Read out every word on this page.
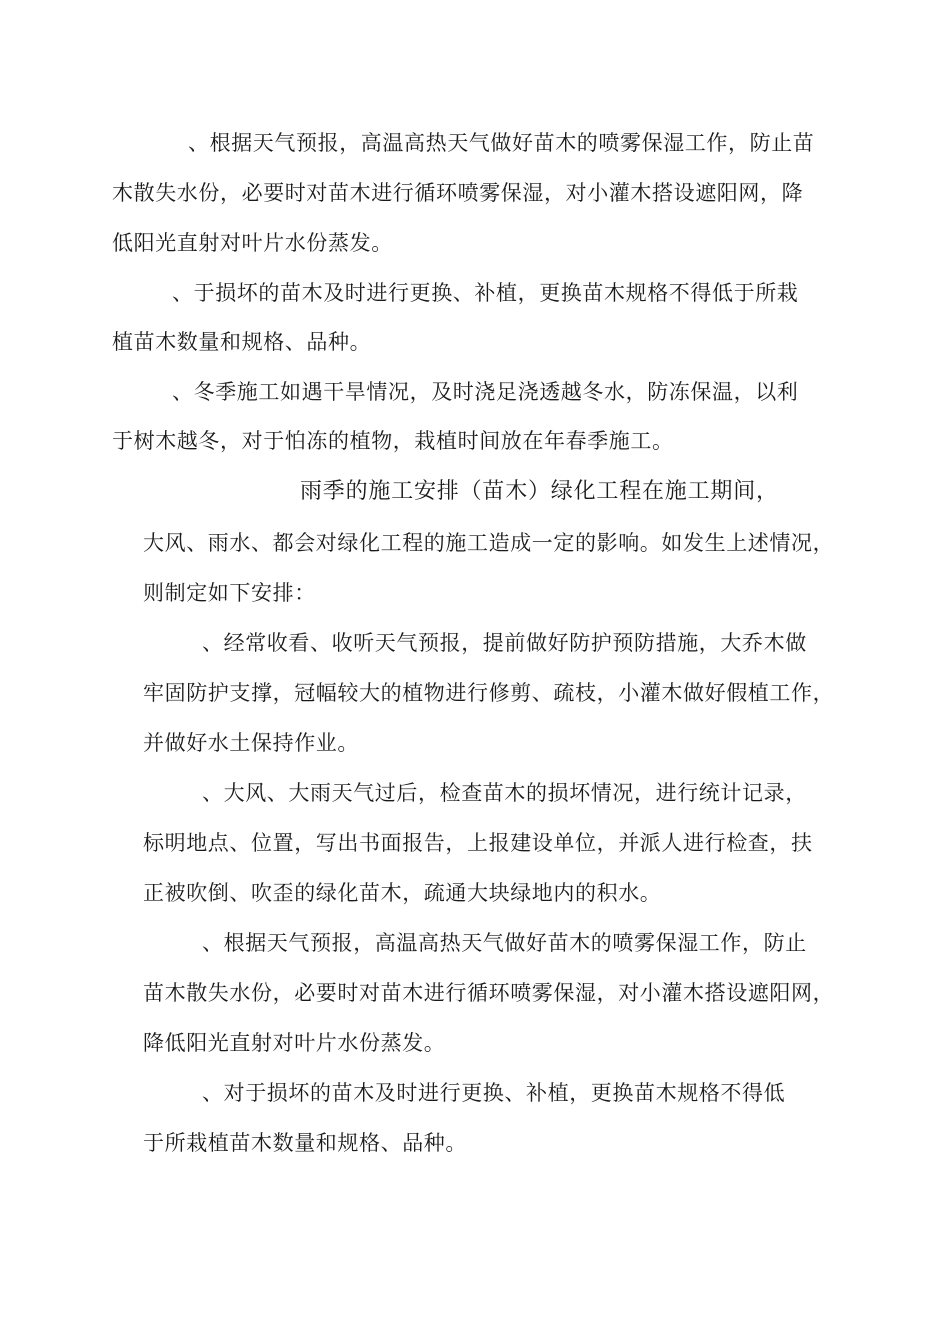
、根据天气预报，高温高热天气做好苗木的喷雾保湿工作，防止苗
木散失水份，必要时对苗木进行循环喷雾保湿，对小灌木搭设遮阳网，降
低阳光直射对叶片水份蒸发。
、于损坏的苗木及时进行更换、补植，更换苗木规格不得低于所栽
植苗木数量和规格、品种。
、冬季施工如遇干旱情况，及时浇足浇透越冬水，防冻保温，以利
于树木越冬，对于怕冻的植物，栽植时间放在年春季施工。
雨季的施工安排（苗木）绿化工程在施工期间，
大风、雨水、都会对绿化工程的施工造成一定的影响。如发生上述情况，
则制定如下安排：
、经常收看、收听天气预报，提前做好防护预防措施，大乔木做
牢固防护支撑，冠幅较大的植物进行修剪、疏枝，小灌木做好假植工作，
并做好水土保持作业。
、大风、大雨天气过后，检查苗木的损坏情况，进行统计记录，
标明地点、位置，写出书面报告，上报建设单位，并派人进行检查，扶
正被吹倒、吹歪的绿化苗木，疏通大块绿地内的积水。
、根据天气预报，高温高热天气做好苗木的喷雾保湿工作，防止
苗木散失水份，必要时对苗木进行循环喷雾保湿，对小灌木搭设遮阳网，
降低阳光直射对叶片水份蒸发。
、对于损坏的苗木及时进行更换、补植，更换苗木规格不得低
于所栽植苗木数量和规格、品种。
